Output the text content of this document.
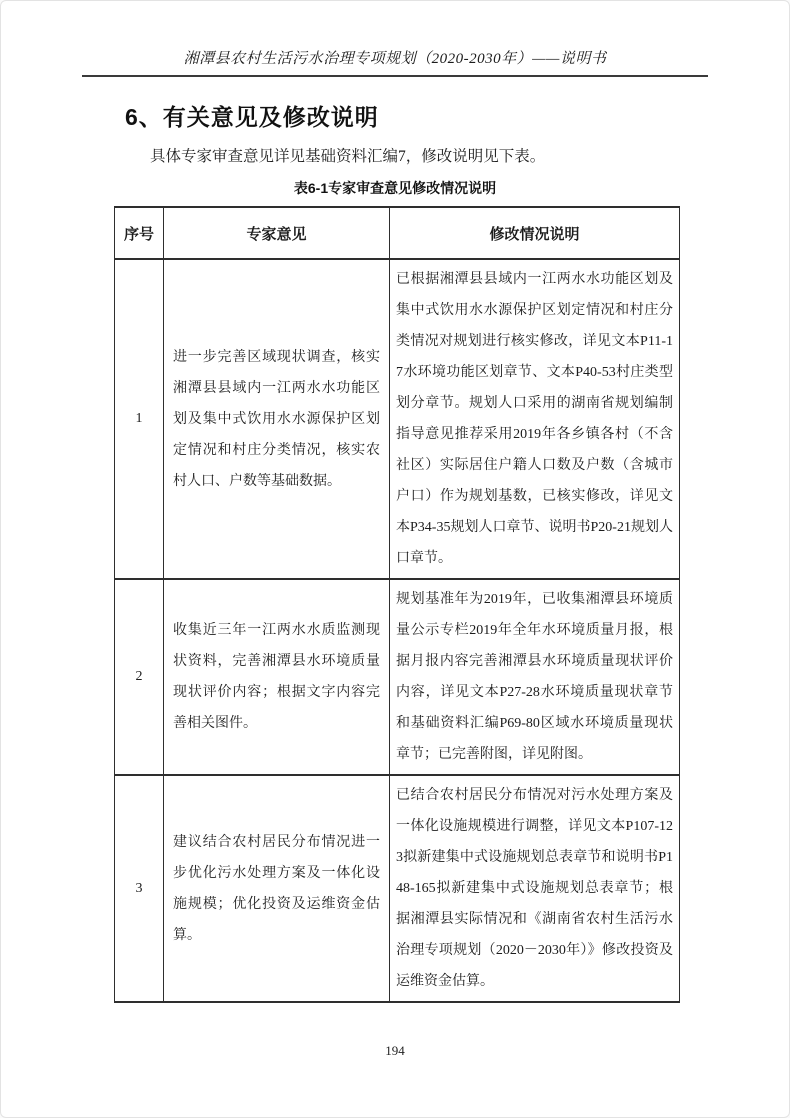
湘潭县农村生活污水治理专项规划（2020-2030年）——说明书
6、有关意见及修改说明

具体专家审查意见详见基础资料汇编7，修改说明见下表。

表6-1专家审查意见修改情况说明
序号	专家意见	修改情况说明
1	进一步完善区域现状调查，核实湘潭县县域内一江两水水功能区划及集中式饮用水水源保护区划定情况和村庄分类情况，核实农村人口、户数等基础数据。	已根据湘潭县县域内一江两水水功能区划及集中式饮用水水源保护区划定情况和村庄分类情况对规划进行核实修改，详见文本P11-17水环境功能区划章节、文本P40-53村庄类型划分章节。规划人口采用的湖南省规划编制指导意见推荐采用2019年各乡镇各村（不含社区）实际居住户籍人口数及户数（含城市户口）作为规划基数，已核实修改，详见文本P34-35规划人口章节、说明书P20-21规划人口章节。
2	收集近三年一江两水水质监测现状资料，完善湘潭县水环境质量现状评价内容；根据文字内容完善相关图件。	规划基准年为2019年，已收集湘潭县环境质量公示专栏2019年全年水环境质量月报，根据月报内容完善湘潭县水环境质量现状评价内容，详见文本P27-28水环境质量现状章节和基础资料汇编P69-80区域水环境质量现状章节；已完善附图，详见附图。
3	建议结合农村居民分布情况进一步优化污水处理方案及一体化设施规模；优化投资及运维资金估算。	已结合农村居民分布情况对污水处理方案及一体化设施规模进行调整，详见文本P107-123拟新建集中式设施规划总表章节和说明书P148-165拟新建集中式设施规划总表章节；根据湘潭县实际情况和《湖南省农村生活污水治理专项规划（2020－2030年）》修改投资及运维资金估算。
194
